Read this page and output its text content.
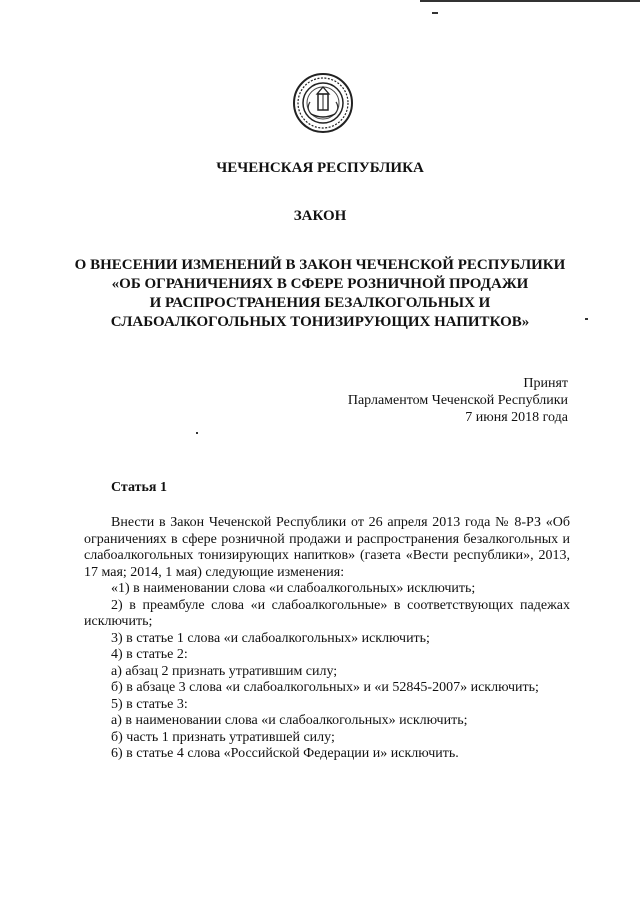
ЧЕЧЕНСКАЯ РЕСПУБЛИКА
ЗАКОН
О ВНЕСЕНИИ ИЗМЕНЕНИЙ В ЗАКОН ЧЕЧЕНСКОЙ РЕСПУБЛИКИ
«ОБ ОГРАНИЧЕНИЯХ В СФЕРЕ РОЗНИЧНОЙ ПРОДАЖИ
И РАСПРОСТРАНЕНИЯ БЕЗАЛКОГОЛЬНЫХ И
СЛАБОАЛКОГОЛЬНЫХ ТОНИЗИРУЮЩИХ НАПИТКОВ»
Принят
Парламентом Чеченской Республики
7 июня 2018 года
Статья 1

Внести в Закон Чеченской Республики от 26 апреля 2013 года № 8-РЗ «Об ограничениях в сфере розничной продажи и распространения безалкогольных и слабоалкогольных тонизирующих напитков» (газета «Вести республики», 2013, 17 мая; 2014, 1 мая) следующие изменения:

«1) в наименовании слова «и слабоалкогольных» исключить;

2) в преамбуле слова «и слабоалкогольные» в соответствующих падежах исключить;

3) в статье 1 слова «и слабоалкогольных» исключить;

4) в статье 2:

а) абзац 2 признать утратившим силу;

б) в абзаце 3 слова «и слабоалкогольных» и «и 52845-2007» исключить;

5) в статье 3:

а) в наименовании слова «и слабоалкогольных» исключить;

б) часть 1 признать утратившей силу;

6) в статье 4 слова «Российской Федерации и» исключить.
